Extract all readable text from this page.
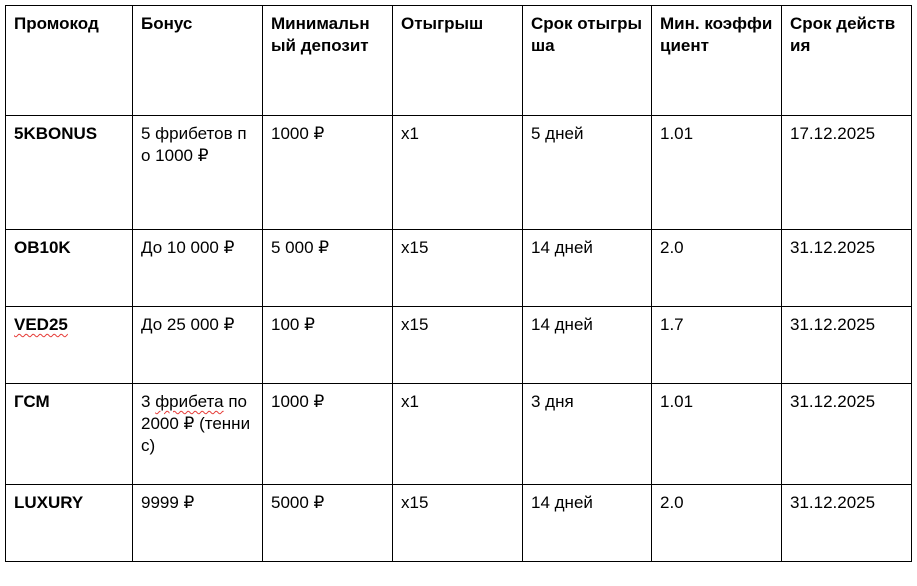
Промокод	Бонус	Минимальный депозит	Отыгрыш	Срок отыгрыша	Мин. коэффициент	Срок действия
5KBONUS	5 фрибетов по 1000 ₽	1000 ₽	x1	5 дней	1.01	17.12.2025
OB10K	До 10 000 ₽	5 000 ₽	x15	14 дней	2.0	31.12.2025
VED25	До 25 000 ₽	100 ₽	x15	14 дней	1.7	31.12.2025
ГСМ	3 фрибета по 2000 ₽ (теннис)	1000 ₽	x1	3 дня	1.01	31.12.2025
LUXURY	9999 ₽	5000 ₽	x15	14 дней	2.0	31.12.2025
